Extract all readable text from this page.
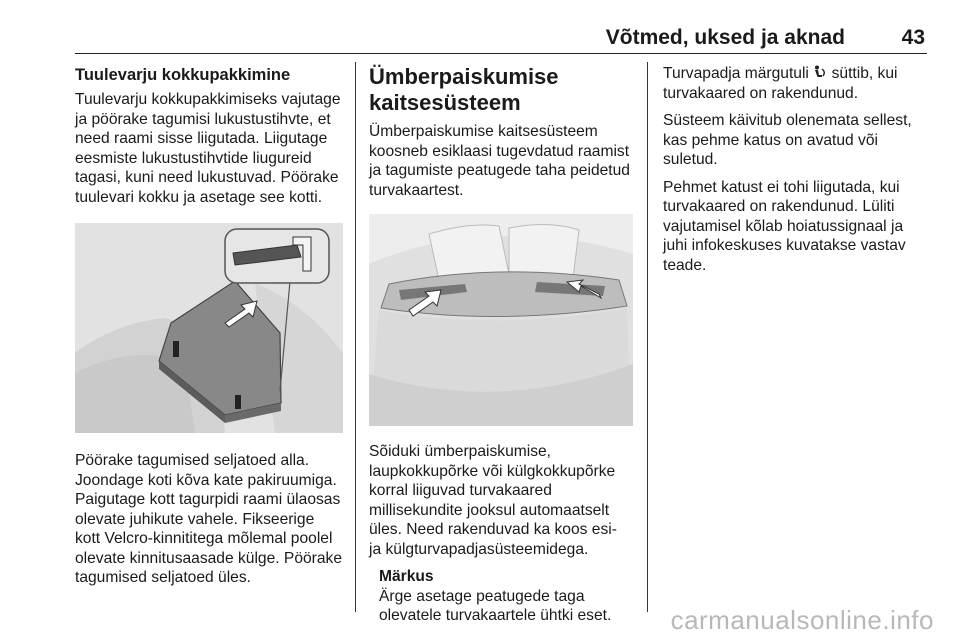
Võtmed, uksed ja aknad	43
Tuulevarju kokkupakkimine

Tuulevarju kokkupakkimiseks vajutage ja pöörake tagumisi lukustustihvte, et need raami sisse liigutada. Liigutage eesmiste lukustustihvtide liugureid tagasi, kuni need lukustuvad. Pöörake tuulevari kokku ja asetage see kotti.

Pöörake tagumised seljatoed alla. Joondage koti kõva kate pakiruumiga. Paigutage kott tagurpidi raami ülaosas olevate juhikute vahele. Fikseerige kott Velcro-kinnititega mõlemal poolel olevate kinnitusaasade külge. Pöörake tagumised seljatoed üles.

Ümberpaiskumise kaitsesüsteem

Ümberpaiskumise kaitsesüsteem koosneb esiklaasi tugevdatud raamist ja tagumiste peatugede taha peidetud turvakaartest.

Sõiduki ümberpaiskumise, laupkokkupõrke või külgkokkupõrke korral liiguvad turvakaared millisekundite jooksul automaatselt üles. Need rakenduvad ka koos esi- ja külgturvapadjasüsteemidega.

Märkus

Ärge asetage peatugede taga olevatele turvakaartele ühtki eset.

Turvapadja märgutuli süttib, kui turvakaared on rakendunud.

Süsteem käivitub olenemata sellest, kas pehme katus on avatud või suletud.

Pehmet katust ei tohi liigutada, kui turvakaared on rakendunud. Lüliti vajutamisel kõlab hoiatussignaal ja juhi infokeskuses kuvatakse vastav teade.

carmanualsonline.info
